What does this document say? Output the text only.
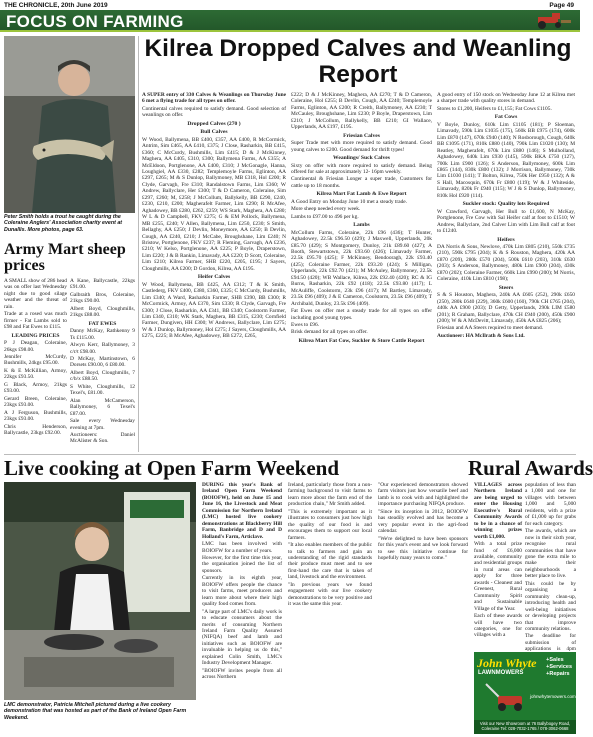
THE CHRONICLE, 20th June 2019	Page 49
FOCUS ON FARMING
Peter Smith holds a trout he caught during the Coleraine Anglers' Association charity event at Dunallis. More photos, page 63.
Army Mart sheep prices

A SMALL show of 286 head was on offer last Wednesday night due to good silage weather and the threat of rain.

Trade at a rosed was much firmer - Fat Lambs sold to £98 and Fat Ewes to £115.

LEADING PRICES

P J Deagan, Coleraine, 26kgs £98.00.

Jennifer McCurdy, Bushmills, 24kgs £95.00.

K & E McKillian, Armoy, 22kgs £93.50.

G Black, Armoy, 21kgs £93.00.

Gerard Breen, Coleraine, 23kgs £93.00.

A J Ferguson, Bushmills, 23kgs £93.00.

Chris Henderson, Ballycastle, 23kgs £92.00.

A Kane, Ballycastle, 22kgs £91.00.

Galbraith Bros, Coleraine, 21kgs £90.00.

Albert Boyd, Cloughmills, 21kgs £88.00.

FAT EWES

Danny McKay, Rathkenny 9 Ts £115.00.

Alwyn Kerr, Ballymoney, 3 c/r/t £98.00.

D McKay, Martinstown, 6 Dorsets £90.00, 6 £80.00.

Albert Boyd, Cloughmills, 7 c/b/x £88.50.

S White, Cloughmills, 12 Texel's, £81.00.

Alan McCamerson, Ballymoney, 6 Texel's £87.00.

Sale every Wednesday evening at 7pm.

Auctioneers: Daniel McAlister & Son.

Kilrea Dropped Calves and Weanling Report

A SUPER entry of 330 Calves & Weanlings on Thursday June 6 met a flying trade for all types on offer.

Continental calves required to satisfy demand. Good selection of weanlings on offer.

Dropped Calves (270 )

Bull Calves

W Wood, Ballymena, BB £400, £357, AA £400, R McCormick, Antrim, Sim £465, AA £410, £375; J Close, Rasharkin, BB £415, £360; C McCurdy, Bushmills, Lim £415; D & J McKinney, Maghera, AA £405, £310, £300; Ballymena Farms, AA £355; A McEldoon, Portglenone, AA £400, £310; J McGonagle, Hanna, Loughgiel, AA £330, £282; Templemoyle Farms, Eglinton, AA £297, £265; M & S Dunlop, Ballymoney, MB £318, Hol £200; R Clyde, Garvagh, Fre £310; Randalstown Farms, Lim £360; W Andrew, Ballyclare, Her £300; T & D Cameron, Coleraine, Sim £297, £260; M, £258; J McCollum, Ballykelly, BB £290, £240, £230, £210, £200; Magherafelt Farmer, Lim £290; R McAfee, Aghadowey, BB £280, £262, £259; WS Stark, Maghera, AA £280; W L & D Campbell, FKV £275; G & EM Pollock, Ballymena, MB £255, £240; V Allen, Ballymena, Lim £250, £230; S Smith, Bellaghy, AA £250; J Devlin, Moneymore, AA £250; B Devlin, Cough, AA £240, £210; J McCabe, Broughshane, Lim £240; N Bristow, Portglenone, FKV £237; R Fleming, Garvagh, AA £236, £210; W Kelso, Portglenone, AA £225; P Boyle, Draperstown, Lim £220; J & B Rankin, Limavady, AA £220; D Scott, Coleraine, Lim £210; Kilrea Farmer, SHB £220, £205, £195; J Sayers, Cloughmills, AA £200; D Gordon, Kilrea, AA £195.

Heifer Calves

W Wood, Ballymena, BB £425, AA £312; T & K Smith, Castlederg, FKV £400, £380, £360, £325; C McCurdy, Bushmills, Lim £340; A Ward, Rasharkin Farmer, SHB £390, BB £300; R McCormick, Armoy, AA £370, Sim £330; R Clyde, Garvagh, Fre £300; J Close, Rasharkin, AA £341, BB £340; Coolstorm Farmer, Lim £340, £310; WK Stark, Maghera, BB £315, £230; Cornfield Farmer, Dungiven, HH £300; W Andrews, Ballyclare, Lim £275; W & J Dunlop, Ballymoney, Hol £275; J Sayers, Cloughmills, AA £275, £225; B McAfee, Aghadowey, BB £272, £265,

£222; D & J McKinney, Maghera, AA £270; T & D Cameron, Coleraine, Hol £255; B Devlin, Cough, AA £240; Templemoyle Farms, Eglinton, AA £200; R Creith, Ballymoney, AA £230; T McCauley, Broughshane, Lim £230; P Boyle, Draperstown, Lim £210; J McCollum, Ballykelly, BB £210; GI Wallace, Upperlands, AA £197, £195.

Friesian Calves

Super Trade met with more required to satisfy demand. Good young calves to £200. Good demand for thrift types!

Weanlings/ Suck Calves

Sixty on offer with more required to satisfy demand. Being offered for sale at approximately 12- 16pm weekly.

Continental & Friesian Longer a super trade, Customers for cattle up to 18 months.

Kilrea Mart Fat Lamb & Ewe Report

A Good Entry on Monday June 10 met a steady trade.

More sheep needed every week.

Lambs to £97.00 to 496 per kg.

Lambs

McCollum Farms, Coleraine, 22k £96 (436); T Hunter, Aghadowey, 22.5k £96.50 (429); J Maxwell, Upperlands, 20k £85.70 (429); S Montgomery, Dunloy, 21k £89.60 (427); A Booth, Stewartstown, 22k £93.60 (426); Limavady Farmer, 22.5k £95.70 (425); F McKinney, Bendooragh, 22k £93.40 (425); Coleraine Farmer, 22k £93.20 (424); S Milligan, Upperlands, 22k £92.70 (421); M McAuley, Ballymoney, 22.5k £94.50 (420); WB Wallace, Kilrea, 22k £92.40 (420); RC & IG Burns, Rasharkin, 22k £92 (418); 22.5k £93.80 (417); L McAuliffe, Coolstorm, 23k £96 (417); M Bartley, Limavady, 23.5k £96 (409); J & E Cameron, Coolstorm, 23.5k £96 (409); T Archibald, Dunloy, 23.5k £96 (409).

Fat Ewes on offer met a steady trade for all types on offer including good young types.

Ewes to £96.

Brisk demand for all types on offer.

Kilrea Mart Fat Cow, Suckler & Store Cattle Report

A good entry of 150 stock on Wednesday June 12 at Kilrea met a sharper trade with quality stores in demand.

Stores to £1,200, Heifers to £1,155; Fat Cows £1105.

Fat Cows

V Boyle, Dunloy, 610k Lim £1105 (181); P Sloeman, Limavady, 590k Lim £1035 (175), 560k BB £975 (174), 600k Lim £870 (147), 670k £940 (140); N Rosborough, Cough, 640k BB £1095 (171), 810k £880 (140), 790k Lim £1020 (130); M Reatley, Magherafelt, 670k Lim £880 (146); S Mulholland, Aghadowey, 640k Lim £930 (145), 590k BKA £750 (127), 700k Lim £900 (126); S Anderson, Ballymoney, 600k Lim £865 (144), 830k £800 (132); J Morrison, Ballymoney, 730k Lim £1030 (141); T Bolton, Kilrea, 750k Her £950 (132); A & S Hall, Macosquin, 670k Fr £800 (119); W & J Whiteside, Limavady, 820k Fr £940 (115); W J & S Dunlop, Ballymoney, 810k Hol £920 (114).

Suckler stock: Quality lots Required

W Crawford, Garvagh, Her Bull to £1,600, N McKay, Portglenone, Fre Cow with Sal Heifer calf at foot to £1510; W Andrew, Ballyclare, 2nd Calver Lim with Lim Bull calf at foot to £1240.

Heifers

DA Norris & Sons, Newlove, 470k Lim £805 (210), 550k £735 (210), 590k £795 (204); K & S Rouston, Maghera, 420k AA £870 (209), 280k £570 (204), 500k £610 (203), 310k £630 (203); S Anderson, Ballymoney, 480k Lim £900 (204), 430k £870 (202); Coleraine Farmer, 660k Lim £990 (200); M Norris, Coleraine, 410k Lim £810 (198);

Steers

S & S Houston, Maghera, 240k AA £605 (252), 290k £650 (250), 280k £640 (229), 360k £600 (160), 790k CH £765 (204), 440k AA £900 (203); D Getty, Upperlands, 290k LIM £580 (201); R Graham, Ballyclare, 470k CH £940 (200), 450k £900 (200); W & A McDevitt, Limavady, 450k AA £825 (206);

Friesian and AA Steers required to meet demand.

Auctioneer: HA McIlrath & Sons Ltd.

Live cooking at Open Farm Weekend	Rural Awards
LMC demonstrator, Patricia Mitchell pictured during a live cookery demonstration that was hosted as part of the Bank of Ireland Open Farm Weekend.

DURING this year's Bank of Ireland Open Farm Weekend (BOIOFW), held on June 15 and June 16, the Livestock and Meat Commission for Northern Ireland (LMC) hosted live cookery demonstrations at Blackberry Hill Farm, Banbridge and D and D Holland's Farm, Articlave.

LMC has been involved with BOIOFW for a number of years.

However, for the first time this year, the organisation joined the list of sponsors.

Currently in its eighth year, BOIOFW offers people the chance to visit farms, meet producers and learn more about where their high quality food comes from.

"A large part of LMC's daily work is to educate consumers about the merits of consuming Northern Ireland Farm Quality Assured (NIFQA) beef and lamb and initiatives such as BOIOFW are invaluable in helping us do this," explained Colin Smith, LMC's Industry Development Manager.

"BOIOFW invites people from all across Northern

Ireland, particularly those from a non-farming background to visit farms to learn more about the farm end of the production chain," Mr Smith added.

"This is extremely important as it illustrates to consumers just how high the quality of our food is and encourages them to support our local farmers.

"It also enables members of the public to talk to farmers and gain an understanding of the rigid standards their produce must meet and to see first-hand the care that is taken of land, livestock and the environment.

"In previous years we found engagement with our live cookery demonstrations to be very positive and it was the same this year.

"Our experienced demonstrators showed farm visitors just how versatile beef and lamb is to cook with and highlighted the importance purchasing NIFQA produce.

"Since its inception in 2012, BOIOFW has steadily evolved and has become a very popular event in the agri-food calendar.

"We're delighted to have been sponsors for this year's event and we look forward to see this initiative continue for hopefully many years to come."

VILLAGES across Northern Ireland are being urged to enter the Housing Executive's Rural Community Awards to be in a chance of winning prizes worth £1,000.

With a total prize fund of £6,000 available, community and residential groups in rural areas can apply for three awards - Cleanest and Greenest, Rural Community Spirit and Sustainable Village of the Year.

Each of these awards will have two categories, one for villages with a

population of less than a 1,000 and one for villages with between 1,000 and 5,000 residents, with a prize of £1,000 up for grabs for each category.

The awards, which are now in their sixth year, recognise rural communities that have gone the extra mile to make their neighbourhoods a better place to live.

This could be by organising a community clean-up, introducing health and well-being initiatives or developing projects that improve community relations.

The deadline for submission of applications is 4pm

John Whyte
LAWNMOWERS
+Sales
+Services
+Repairs
johnwhytemowers.com
Visit our New Showroom at 76 Ballybogey Road, Coleraine Tel: 028-7032-1765 / 078-3062-0668
